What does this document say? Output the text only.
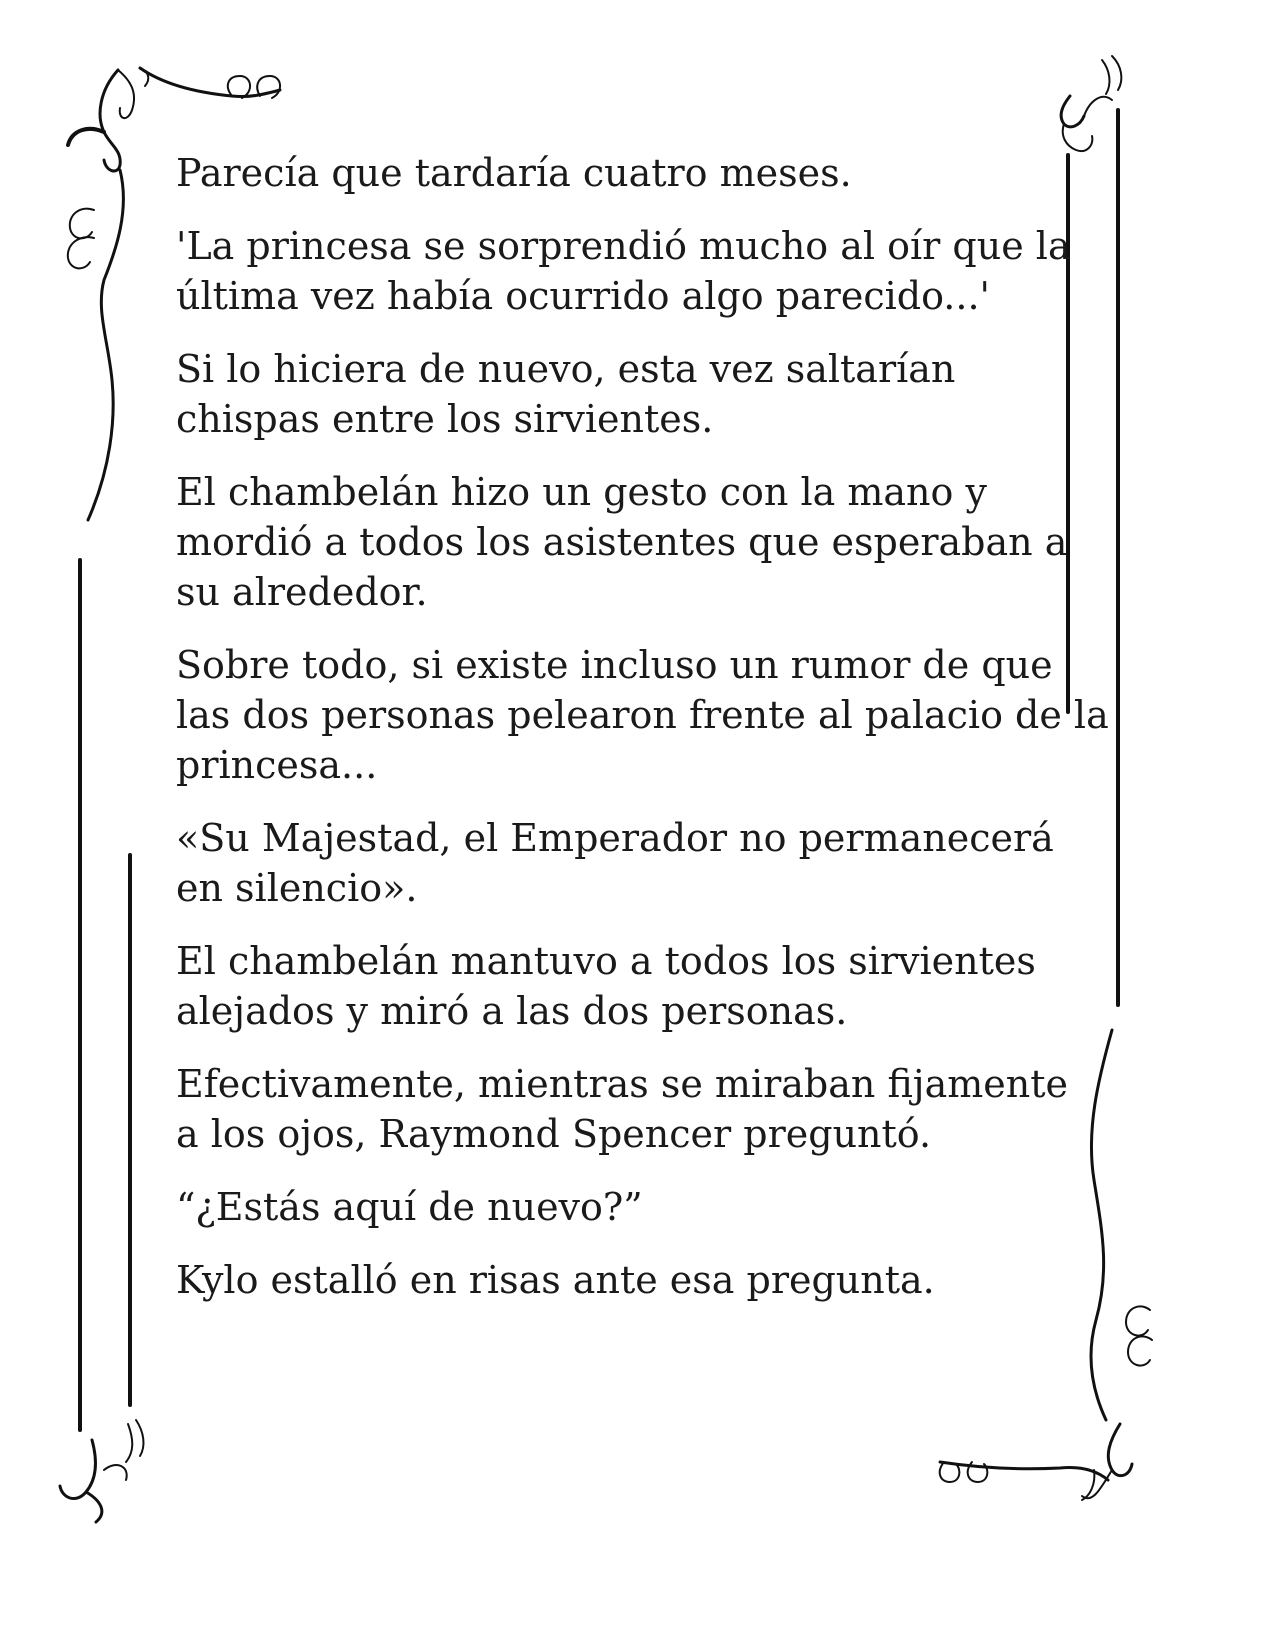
Parecía que tardaría cuatro meses.

'La princesa se sorprendió mucho al oír que la
última vez había ocurrido algo parecido...'

Si lo hiciera de nuevo, esta vez saltarían
chispas entre los sirvientes.

El chambelán hizo un gesto con la mano y
mordió a todos los asistentes que esperaban a
su alrededor.

Sobre todo, si existe incluso un rumor de que
las dos personas pelearon frente al palacio de la
princesa...

«Su Majestad, el Emperador no permanecerá
en silencio».

El chambelán mantuvo a todos los sirvientes
alejados y miró a las dos personas.

Efectivamente, mientras se miraban fijamente
a los ojos, Raymond Spencer preguntó.

“¿Estás aquí de nuevo?”

Kylo estalló en risas ante esa pregunta.
